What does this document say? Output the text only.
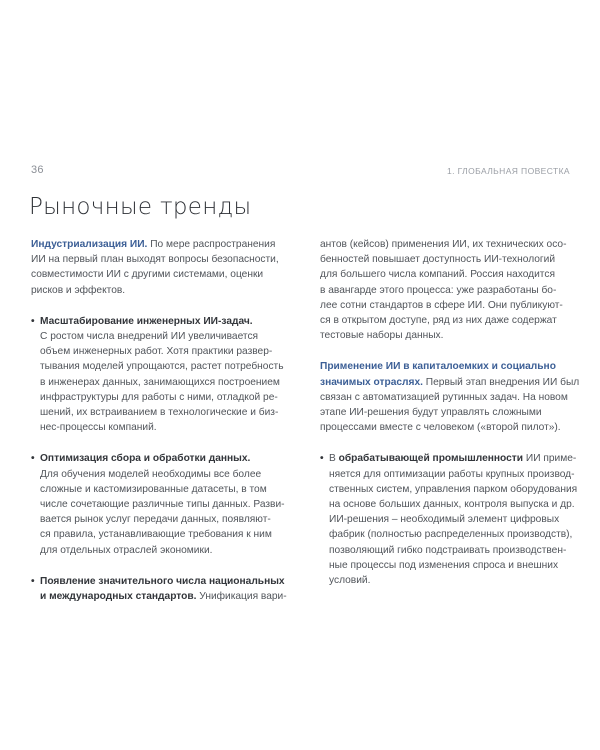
36	1. ГЛОБАЛЬНАЯ ПОВЕСТКА
Рыночные тренды
Индустриализация ИИ. По мере распространения
ИИ на первый план выходят вопросы безопасности,
совместимости ИИ с другими системами, оценки
рисков и эффектов.
• Масштабирование инженерных ИИ-задач.
С ростом числа внедрений ИИ увеличивается
объем инженерных работ. Хотя практики развер-
тывания моделей упрощаются, растет потребность
в инженерах данных, занимающихся построением
инфраструктуры для работы с ними, отладкой ре-
шений, их встраиванием в технологические и биз-
нес-процессы компаний.
• Оптимизация сбора и обработки данных.
Для обучения моделей необходимы все более
сложные и кастомизированные датасеты, в том
числе сочетающие различные типы данных. Разви-
вается рынок услуг передачи данных, появляют-
ся правила, устанавливающие требования к ним
для отдельных отраслей экономики.
• Появление значительного числа национальных
и международных стандартов. Унификация вари-
антов (кейсов) применения ИИ, их технических осо-
бенностей повышает доступность ИИ-технологий
для большего числа компаний. Россия находится
в авангарде этого процесса: уже разработаны бо-
лее сотни стандартов в сфере ИИ. Они публикуют-
ся в открытом доступе, ряд из них даже содержат
тестовые наборы данных.
Применение ИИ в капиталоемких и социально
значимых отраслях. Первый этап внедрения ИИ был
связан с автоматизацией рутинных задач. На новом
этапе ИИ-решения будут управлять сложными
процессами вместе с человеком («второй пилот»).
• В обрабатывающей промышленности ИИ приме-
няется для оптимизации работы крупных производ-
ственных систем, управления парком оборудования
на основе больших данных, контроля выпуска и др.
ИИ-решения – необходимый элемент цифровых
фабрик (полностью распределенных производств),
позволяющий гибко подстраивать производствен-
ные процессы под изменения спроса и внешних
условий.
